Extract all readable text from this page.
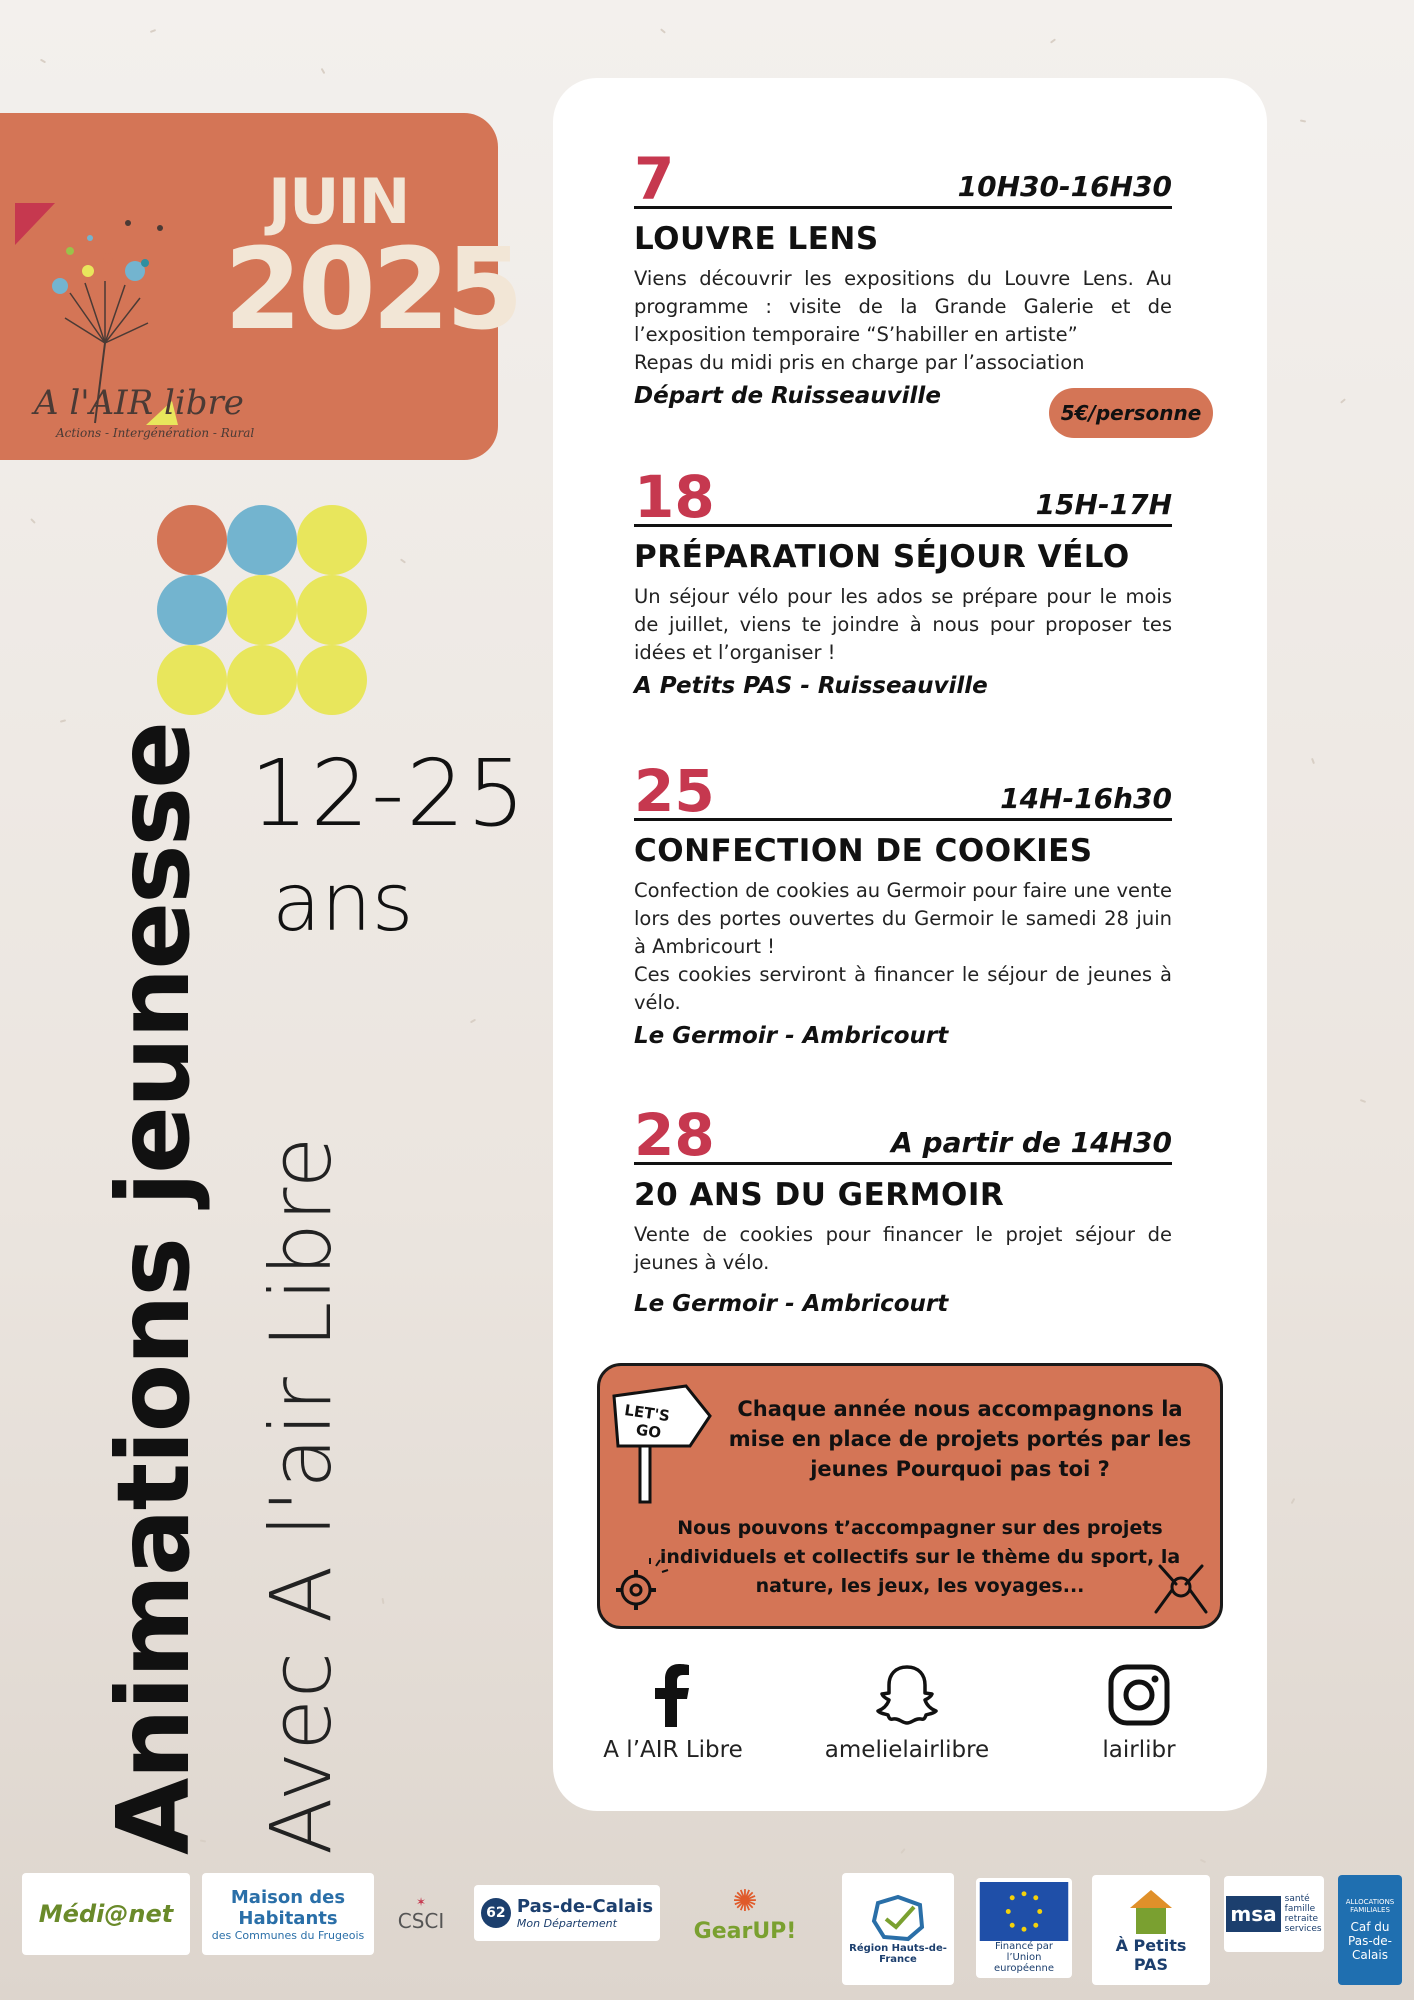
JUIN
2025
A l'AIR libre
Actions - Intergénération - Rural
Animations jeunesse Avec A l'air Libre
12-25
ans
7	10H30-16H30
LOUVRE LENS

Viens découvrir les expositions du Louvre Lens. Au programme : visite de la Grande Galerie et de l’exposition temporaire “S’habiller en artiste”

Repas du midi pris en charge par l’association

Départ de Ruisseauville
5€/personne
18	15H-17H
PRÉPARATION SÉJOUR VÉLO

Un séjour vélo pour les ados se prépare pour le mois de juillet, viens te joindre à nous pour proposer tes idées et l’organiser !

A Petits PAS - Ruisseauville
25	14H-16h30
CONFECTION DE COOKIES

Confection de cookies au Germoir pour faire une vente lors des portes ouvertes du Germoir le samedi 28 juin à Ambricourt !

Ces cookies serviront à financer le séjour de jeunes à vélo.

Le Germoir - Ambricourt
28	A partir de 14H30
20 ANS DU GERMOIR

Vente de cookies pour financer le projet séjour de jeunes à vélo.

Le Germoir - Ambricourt
LET'S
GO
Chaque année nous accompagnons la mise en place de projets portés par les jeunes Pourquoi pas toi ?
Nous pouvons t’accompagner sur des projets individuels et collectifs sur le thème du sport, la nature, les jeux, les voyages...
A l’AIR Libre	amelielairlibre	lairlibr
Médi@net
Maison des Habitants
des Communes du Frugeois
✶
CSCI	62 Pas-de-Calais
Mon Département
✺
GearUP!
Région Hauts-de-France
Financé par l’Union européenne
À Petits PAS
msa
santé famille retraite services
ALLOCATIONS FAMILIALES
Caf du Pas-de-Calais
